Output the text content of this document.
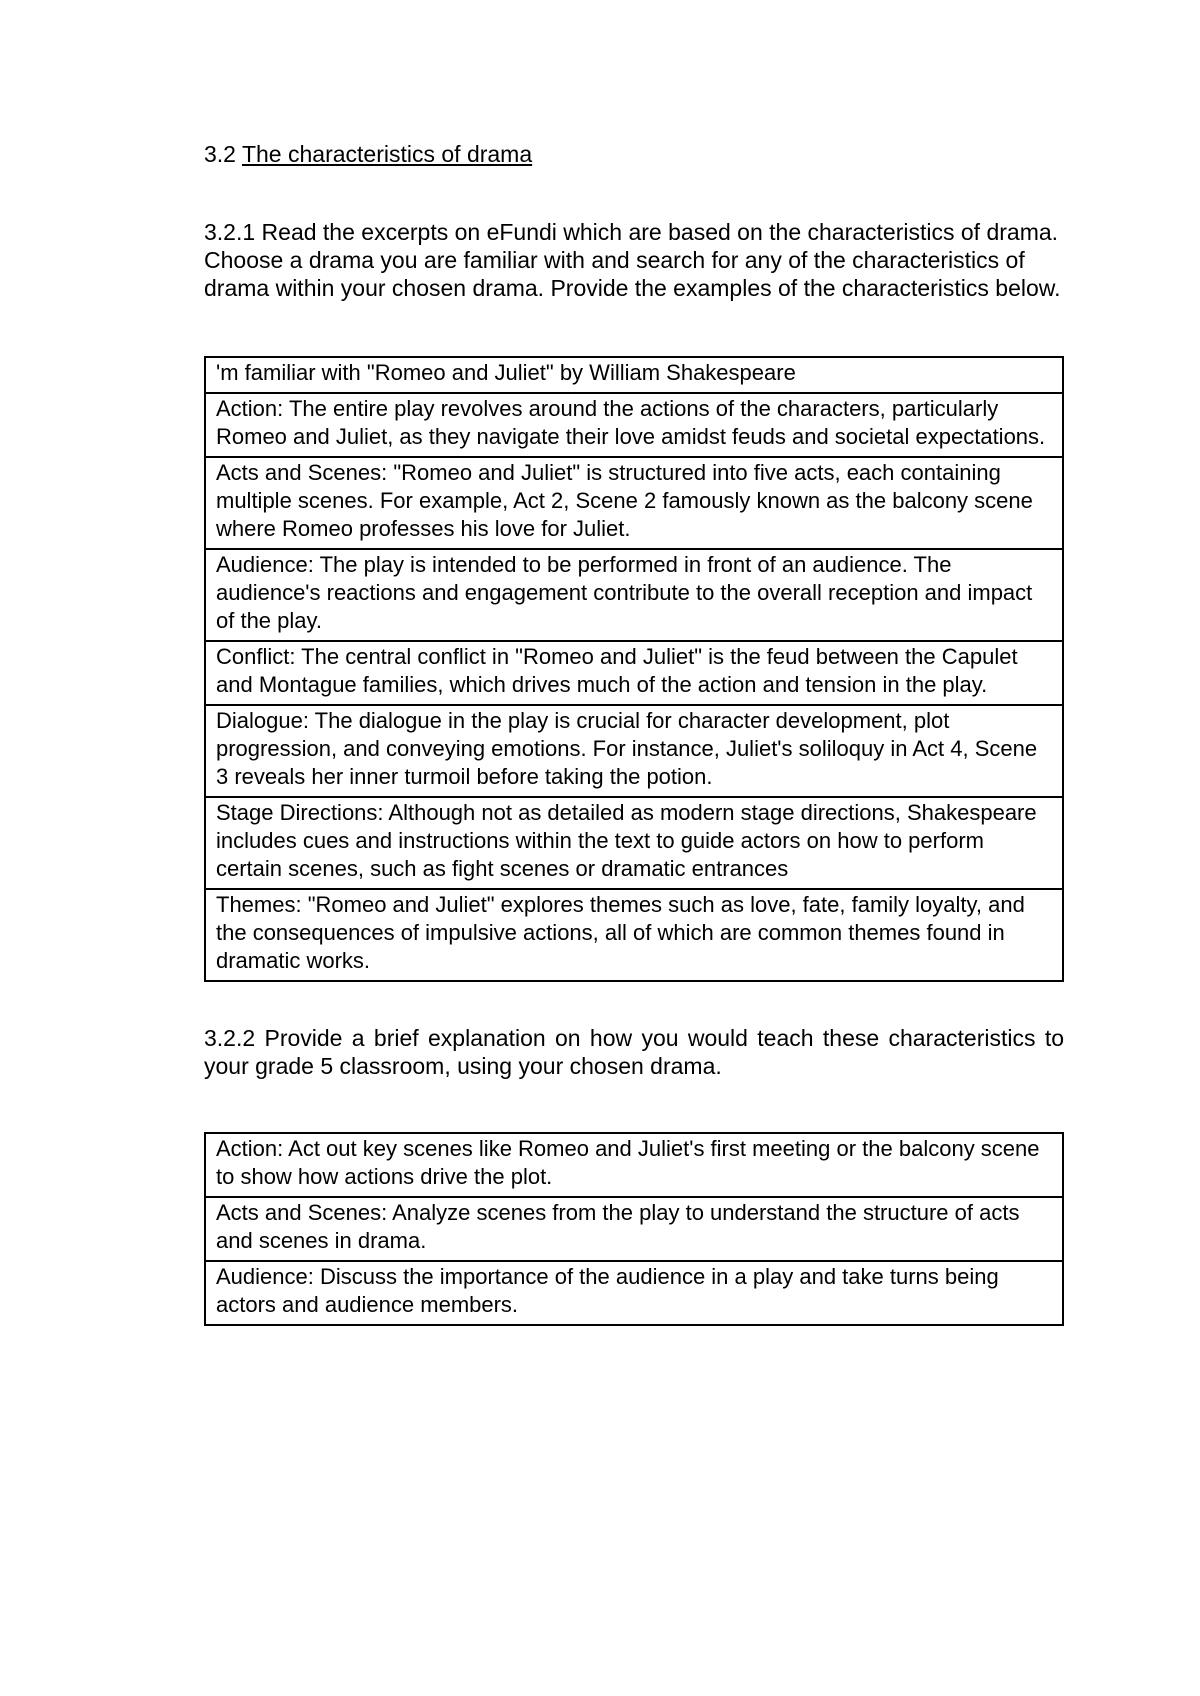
3.2 The characteristics of drama

3.2.1 Read the excerpts on eFundi which are based on the characteristics of drama. Choose a drama you are familiar with and search for any of the characteristics of drama within your chosen drama. Provide the examples of the characteristics below.

'm familiar with "Romeo and Juliet" by William Shakespeare
Action: The entire play revolves around the actions of the characters, particularly Romeo and Juliet, as they navigate their love amidst feuds and societal expectations.
Acts and Scenes: "Romeo and Juliet" is structured into five acts, each containing multiple scenes. For example, Act 2, Scene 2 famously known as the balcony scene where Romeo professes his love for Juliet.
Audience: The play is intended to be performed in front of an audience. The audience's reactions and engagement contribute to the overall reception and impact of the play.
Conflict: The central conflict in "Romeo and Juliet" is the feud between the Capulet and Montague families, which drives much of the action and tension in the play.
Dialogue: The dialogue in the play is crucial for character development, plot progression, and conveying emotions. For instance, Juliet's soliloquy in Act 4, Scene 3 reveals her inner turmoil before taking the potion.
Stage Directions: Although not as detailed as modern stage directions, Shakespeare includes cues and instructions within the text to guide actors on how to perform certain scenes, such as fight scenes or dramatic entrances
Themes: "Romeo and Juliet" explores themes such as love, fate, family loyalty, and the consequences of impulsive actions, all of which are common themes found in dramatic works.

3.2.2 Provide a brief explanation on how you would teach these characteristics to your grade 5 classroom, using your chosen drama.

Action: Act out key scenes like Romeo and Juliet's first meeting or the balcony scene to show how actions drive the plot.
Acts and Scenes: Analyze scenes from the play to understand the structure of acts and scenes in drama.
Audience: Discuss the importance of the audience in a play and take turns being actors and audience members.
